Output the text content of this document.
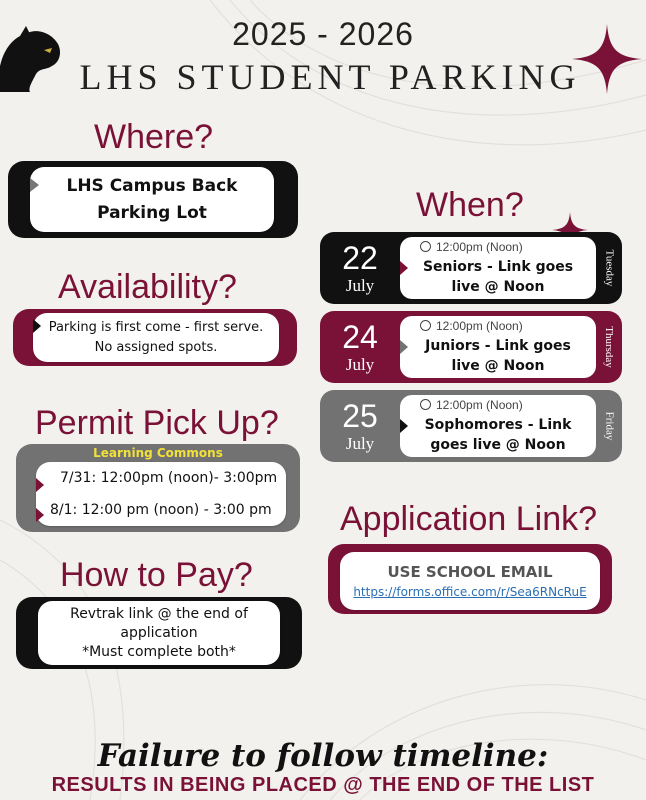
2025 - 2026
LHS STUDENT PARKING
Where?
LHS Campus Back
Parking Lot
Availability?
Parking is first come - first serve.
No assigned spots.
Permit Pick Up?
Learning Commons
7/31: 12:00pm (noon)- 3:00pm
8/1: 12:00 pm (noon) - 3:00 pm
How to Pay?
Revtrak link @ the end of
application
*Must complete both*
When?
22
July
12:00pm (Noon)
Seniors - Link goes
live @ Noon
Tuesday
24
July
12:00pm (Noon)
Juniors - Link goes
live @ Noon	Thursday
25
July
12:00pm (Noon)
Sophomores - Link
goes live @ Noon
Friday
Application Link?
USE SCHOOL EMAIL
https://forms.office.com/r/Sea6RNcRuE
Failure to follow timeline:
RESULTS IN BEING PLACED @ THE END OF THE LIST
